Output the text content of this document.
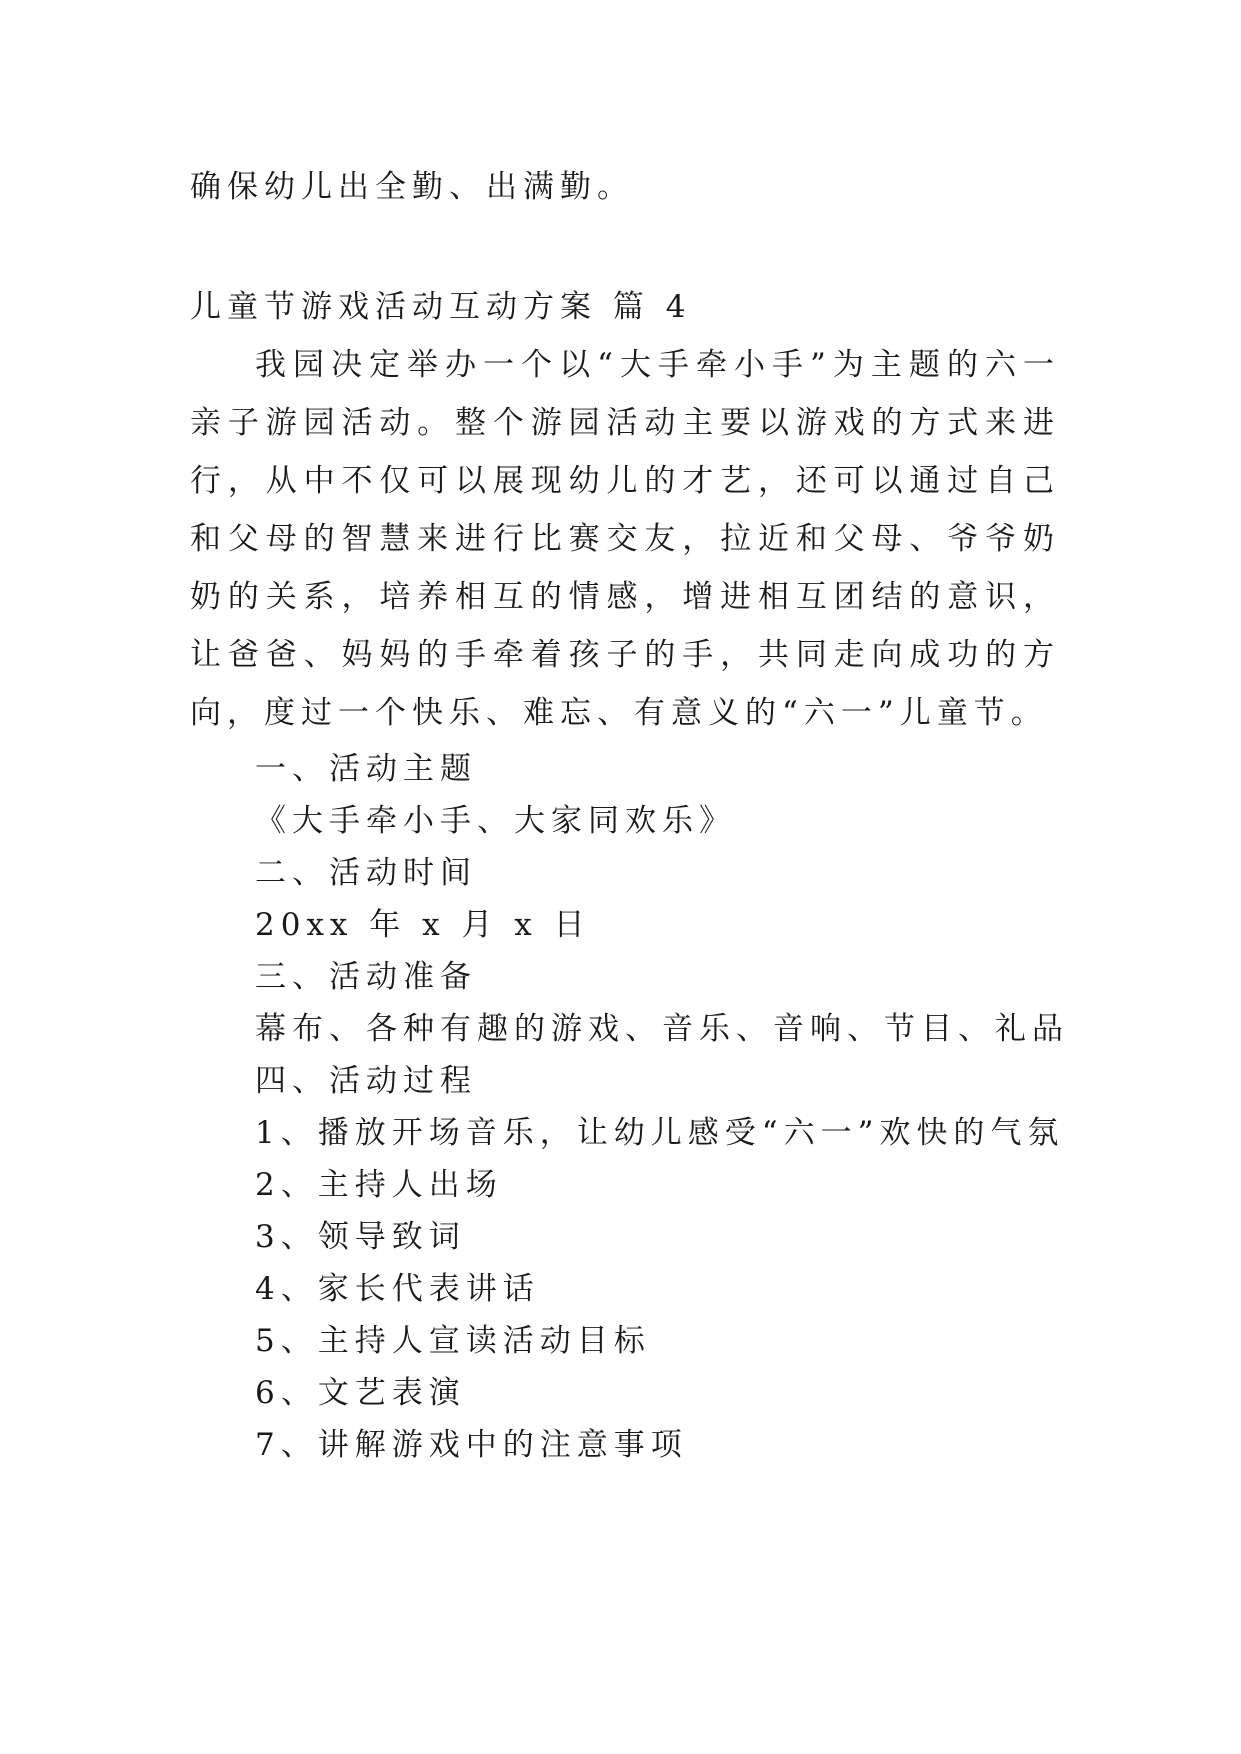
确保幼儿出全勤、出满勤。
儿童节游戏活动互动方案 篇 4

我园决定举办一个以“大手牵小手”为主题的六一亲子游园活动。整个游园活动主要以游戏的方式来进行，从中不仅可以展现幼儿的才艺，还可以通过自己和父母的智慧来进行比赛交友，拉近和父母、爷爷奶奶的关系，培养相互的情感，增进相互团结的意识，让爸爸、妈妈的手牵着孩子的手，共同走向成功的方向，度过一个快乐、难忘、有意义的“六一”儿童节。

一、活动主题
《大手牵小手、大家同欢乐》
二、活动时间
20xx 年 x 月 x 日
三、活动准备
幕布、各种有趣的游戏、音乐、音响、节目、礼品
四、活动过程
1、播放开场音乐，让幼儿感受“六一”欢快的气氛
2、主持人出场
3、领导致词
4、家长代表讲话
5、主持人宣读活动目标
6、文艺表演
7、讲解游戏中的注意事项
